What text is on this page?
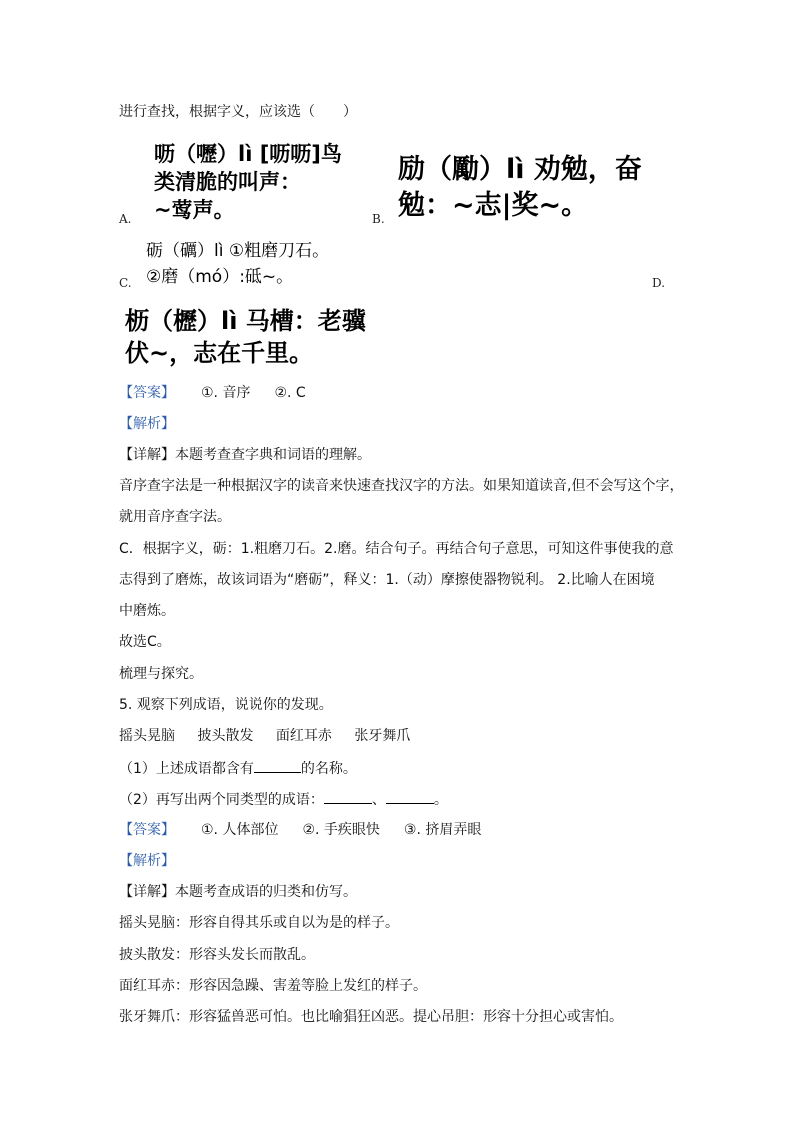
进行查找，根据字义，应该选（　　）
呖（嚦）lì [呖呖]鸟
类清脆的叫声：
~莺声。
A.	B.
励（勵）lì 劝勉，奋
勉：~志|奖~。
砺（礪）lì ①粗磨刀石。
②磨（mó）:砥~。
C.	D.
枥（櫪）lì 马槽：老骥
伏~，志在千里。
【答案】 ①. 音序 ②. C
【解析】
【详解】本题考查查字典和词语的理解。
音序查字法是一种根据汉字的读音来快速查找汉字的方法。如果知道读音,但不会写这个字，
就用音序查字法。
C．根据字义，砺：1.粗磨刀石。2.磨。结合句子。再结合句子意思，可知这件事使我的意
志得到了磨炼，故该词语为“磨砺”，释义：1.（动）摩擦使器物锐利。 2.比喻人在困境
中磨炼。
故选C。
梳理与探究。
5. 观察下列成语，说说你的发现。
摇头晃脑 披头散发 面红耳赤 张牙舞爪
（1）上述成语都含有	的名称。
（2）再写出两个同类型的成语：	、	。
【答案】 ①. 人体部位 ②. 手疾眼快 ③. 挤眉弄眼
【解析】
【详解】本题考查成语的归类和仿写。
摇头晃脑：形容自得其乐或自以为是的样子。
披头散发：形容头发长而散乱。
面红耳赤：形容因急躁、害羞等脸上发红的样子。
张牙舞爪：形容猛兽恶可怕。也比喻猖狂凶恶。提心吊胆：形容十分担心或害怕。
